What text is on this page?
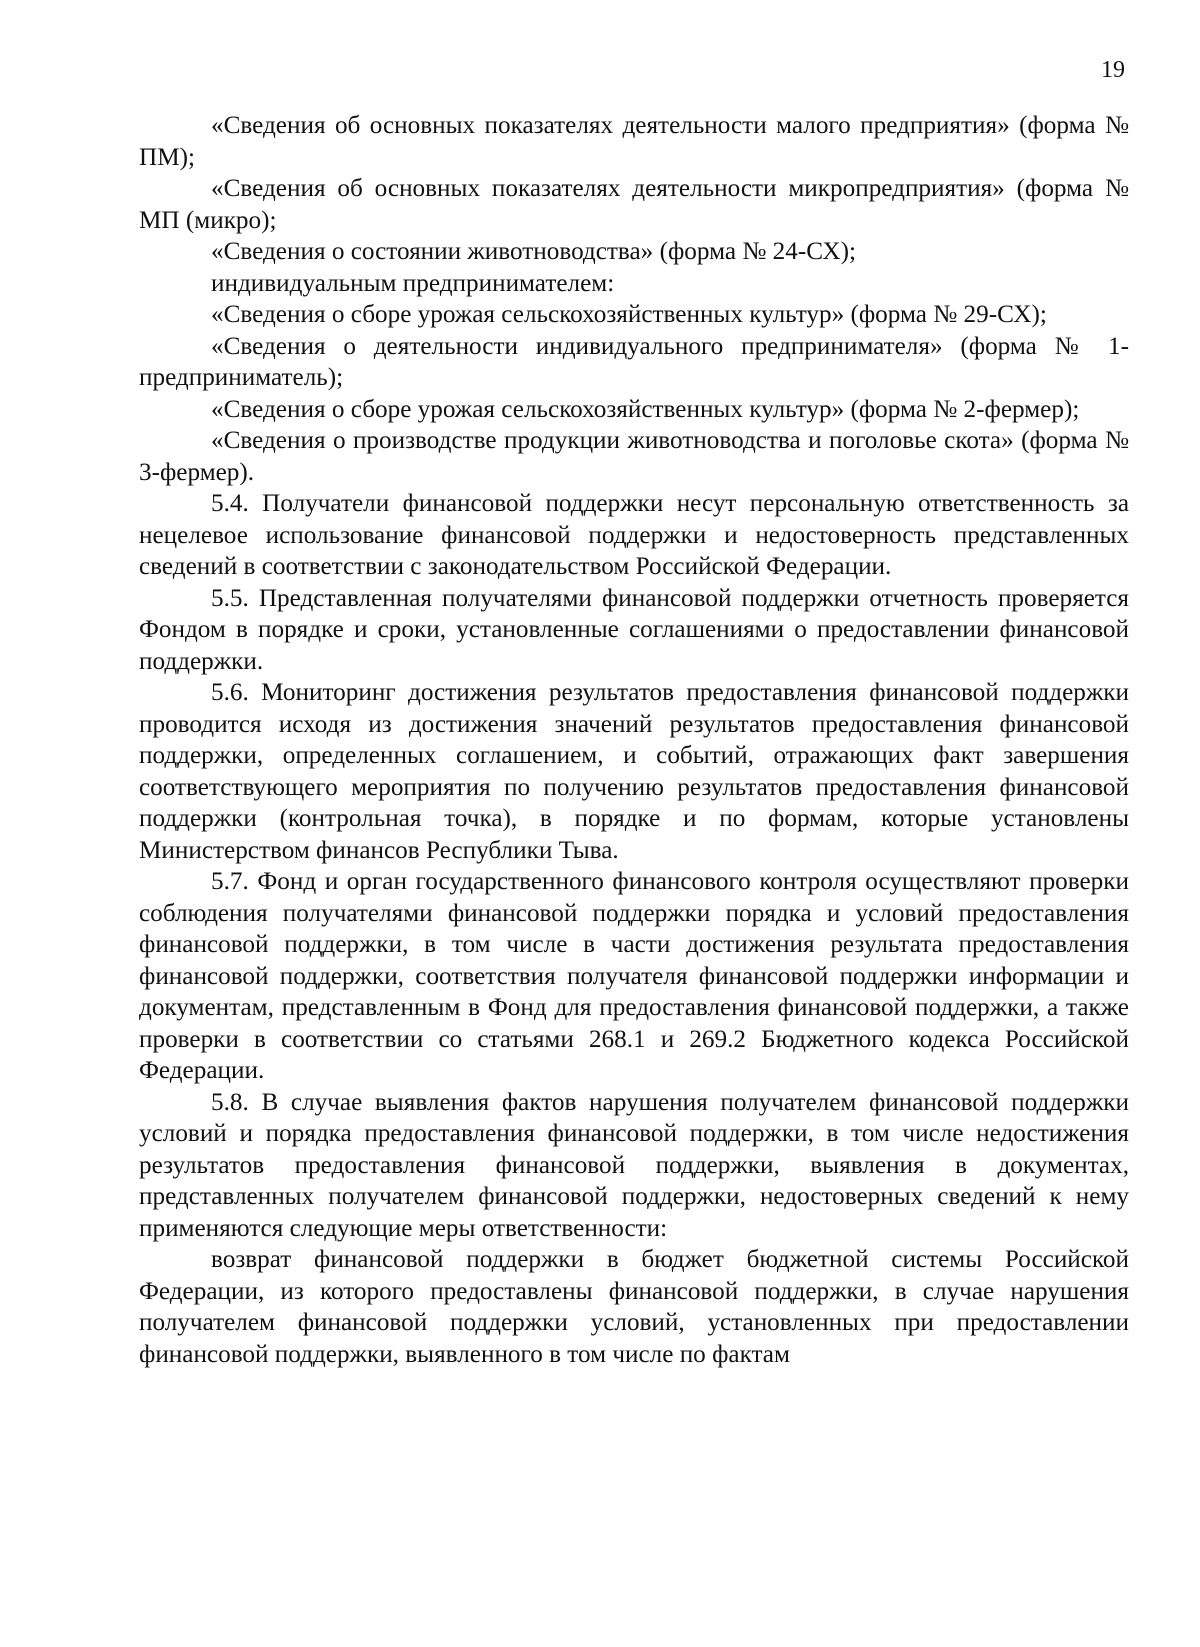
19

«Сведения об основных показателях деятельности малого предприятия» (форма № ПМ);

«Сведения об основных показателях деятельности микропредприятия» (форма № МП (микро);

«Сведения о состоянии животноводства» (форма № 24-СХ);

индивидуальным предпринимателем:

«Сведения о сборе урожая сельскохозяйственных культур» (форма № 29-СХ);

«Сведения о деятельности индивидуального предпринимателя» (форма № 1-предприниматель);

«Сведения о сборе урожая сельскохозяйственных культур» (форма № 2-фермер);

«Сведения о производстве продукции животноводства и поголовье скота» (форма № 3-фермер).

5.4. Получатели финансовой поддержки несут персональную ответственность за нецелевое использование финансовой поддержки и недостоверность представленных сведений в соответствии с законодательством Российской Федерации.

5.5. Представленная получателями финансовой поддержки отчетность проверяется Фондом в порядке и сроки, установленные соглашениями о предоставлении финансовой поддержки.

5.6. Мониторинг достижения результатов предоставления финансовой поддержки проводится исходя из достижения значений результатов предоставления финансовой поддержки, определенных соглашением, и событий, отражающих факт завершения соответствующего мероприятия по получению результатов предоставления финансовой поддержки (контрольная точка), в порядке и по формам, которые установлены Министерством финансов Республики Тыва.

5.7. Фонд и орган государственного финансового контроля осуществляют проверки соблюдения получателями финансовой поддержки порядка и условий предоставления финансовой поддержки, в том числе в части достижения результата предоставления финансовой поддержки, соответствия получателя финансовой поддержки информации и документам, представленным в Фонд для предоставления финансовой поддержки, а также проверки в соответствии со статьями 268.1 и 269.2 Бюджетного кодекса Российской Федерации.

5.8. В случае выявления фактов нарушения получателем финансовой поддержки условий и порядка предоставления финансовой поддержки, в том числе недостижения результатов предоставления финансовой поддержки, выявления в документах, представленных получателем финансовой поддержки, недостоверных сведений к нему применяются следующие меры ответственности:

возврат финансовой поддержки в бюджет бюджетной системы Российской Федерации, из которого предоставлены финансовой поддержки, в случае нарушения получателем финансовой поддержки условий, установленных при предоставлении финансовой поддержки, выявленного в том числе по фактам
